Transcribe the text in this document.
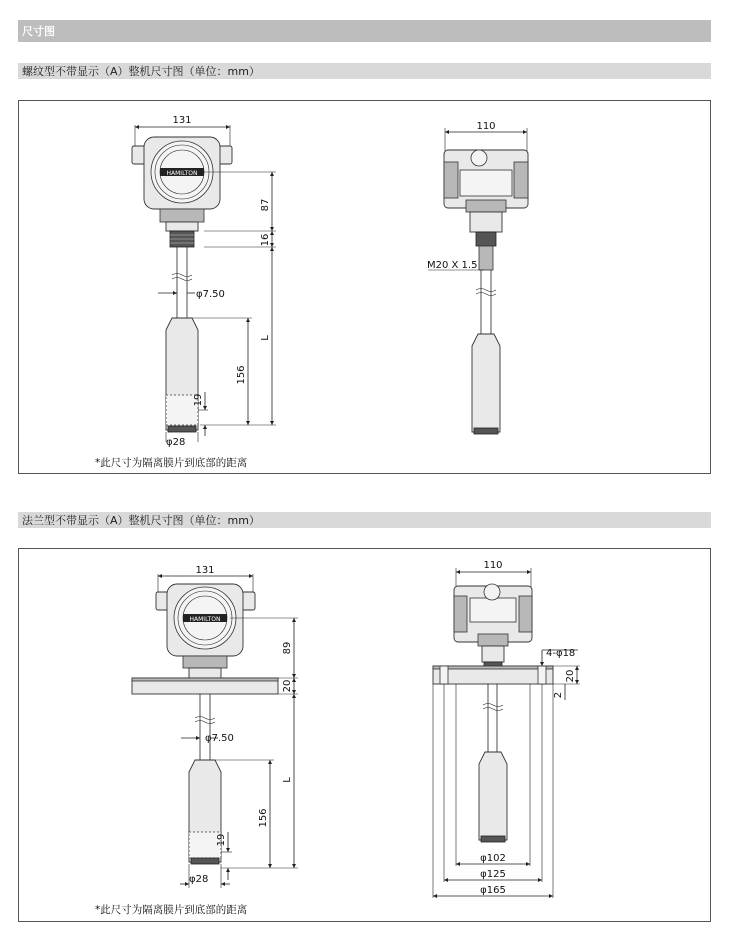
尺寸图
螺纹型不带显示（A）整机尺寸图（单位：mm）
法兰型不带显示（A）整机尺寸图（单位：mm）
*此尺寸为隔离膜片到底部的距离
*此尺寸为隔离膜片到底部的距离
131
HAMILTON
φ7.50
φ28
87
16
L
156
19
110
M20 X 1.5
131
HAMILTON
φ7.50
φ28
89
20
L
156
19
110
20
2
4-φ18
φ102
φ125
φ165
